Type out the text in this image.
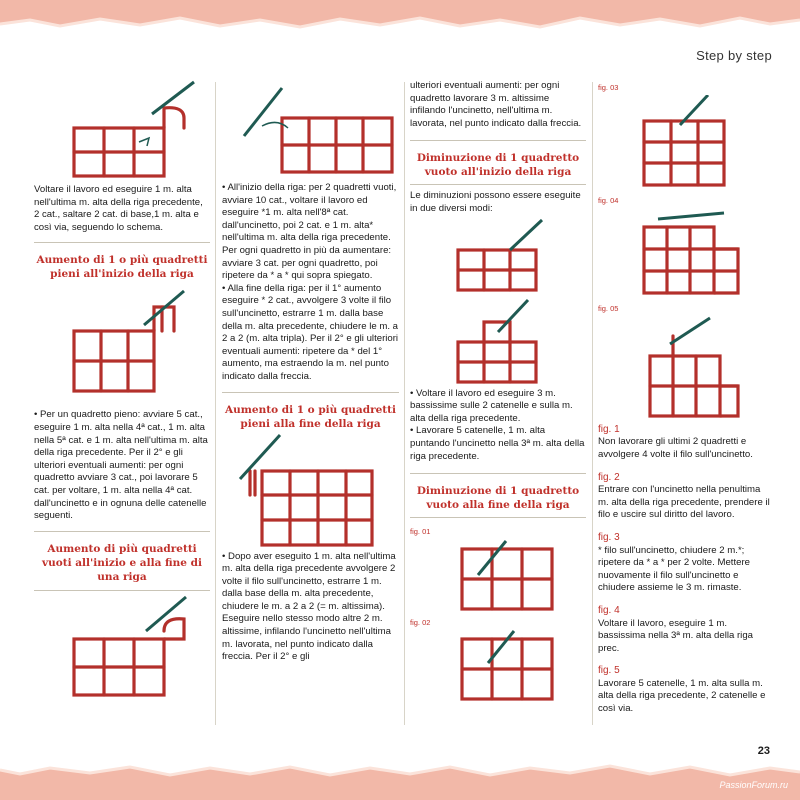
Step by step

Voltare il lavoro ed eseguire 1 m. alta nell'ultima m. alta della riga precedente, 2 cat., saltare 2 cat. di base,1 m. alta e così via, seguendo lo schema.

Aumento di 1 o più quadretti pieni all'inizio della riga

• Per un quadretto pieno: avviare 5 cat., eseguire 1 m. alta nella 4ª cat., 1 m. alta nella 5ª cat. e 1 m. alta nell'ultima m. alta della riga precedente. Per il 2° e gli ulteriori eventuali aumenti: per ogni quadretto avviare 3 cat., poi lavorare 5 cat. per voltare, 1 m. alta nella 4ª cat. dall'uncinetto e in ognuna delle catenelle seguenti.

Aumento di più quadretti vuoti all'inizio e alla fine di una riga

• All'inizio della riga: per 2 quadretti vuoti, avviare 10 cat., voltare il lavoro ed eseguire *1 m. alta nell'8ª cat. dall'uncinetto, poi 2 cat. e 1 m. alta* nell'ultima m. alta della riga precedente.

Per ogni quadretto in più da aumentare: avviare 3 cat. per ogni quadretto, poi ripetere da * a * qui sopra spiegato.

• Alla fine della riga: per il 1° aumento eseguire * 2 cat., avvolgere 3 volte il filo sull'uncinetto, estrarre 1 m. dalla base della m. alta precedente, chiudere le m. a 2 a 2 (m. alta tripla). Per il 2° e gli ulteriori eventuali aumenti: ripetere da * del 1° aumento, ma estraendo la m. nel punto indicato dalla freccia.

Aumento di 1 o più quadretti pieni alla fine della riga

• Dopo aver eseguito 1 m. alta nell'ultima m. alta della riga precedente avvolgere 2 volte il filo sull'uncinetto, estrarre 1 m. dalla base della m. alta precedente, chiudere le m. a 2 a 2 (= m. altissima).

Eseguire nello stesso modo altre 2 m. altissime, infilando l'uncinetto nell'ultima m. lavorata, nel punto indicato dalla freccia. Per il 2° e gli

ulteriori eventuali aumenti: per ogni quadretto lavorare 3 m. altissime infilando l'uncinetto, nell'ultima m. lavorata, nel punto indicato dalla freccia.

Diminuzione di 1 quadretto vuoto all'inizio della riga

Le diminuzioni possono essere eseguite in due diversi modi:

• Voltare il lavoro ed eseguire 3 m. bassissime sulle 2 catenelle e sulla m. alta della riga precedente.

• Lavorare 5 catenelle, 1 m. alta puntando l'uncinetto nella 3ª m. alta della riga precedente.

Diminuzione di 1 quadretto vuoto alla fine della riga

fig. 01

fig. 02

fig. 03

fig. 04

fig. 05

fig. 1

Non lavorare gli ultimi 2 quadretti e avvolgere 4 volte il filo sull'uncinetto.

fig. 2

Entrare con l'uncinetto nella penultima m. alta della riga precedente, prendere il filo e uscire sul diritto del lavoro.

fig. 3

* filo sull'uncinetto, chiudere 2 m.*; ripetere da * a * per 2 volte. Mettere nuovamente il filo sull'uncinetto e chiudere assieme le 3 m. rimaste.

fig. 4

Voltare il lavoro, eseguire 1 m. bassissima nella 3ª m. alta della riga prec.

fig. 5

Lavorare 5 catenelle, 1 m. alta sulla m. alta della riga precedente, 2 catenelle e così via.

23
PassionForum.ru
